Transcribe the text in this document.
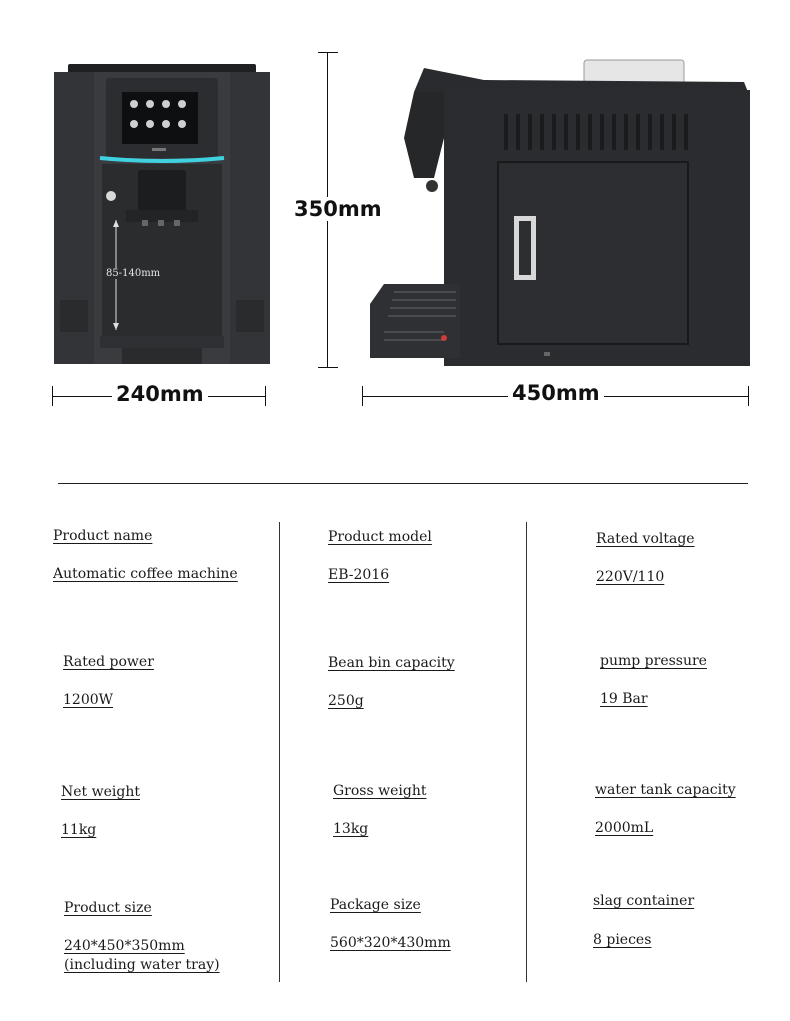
85-140mm
350mm
240mm	450mm
Product name
Automatic coffee machine
Product model
EB-2016
Rated voltage
220V/110
Rated power
1200W
Bean bin capacity
250g
pump pressure
19 Bar
Net weight
11kg
Gross weight
13kg
water tank capacity
2000mL
Product size
240*450*350mm
(including water tray)
Package size
560*320*430mm
slag container
8 pieces
